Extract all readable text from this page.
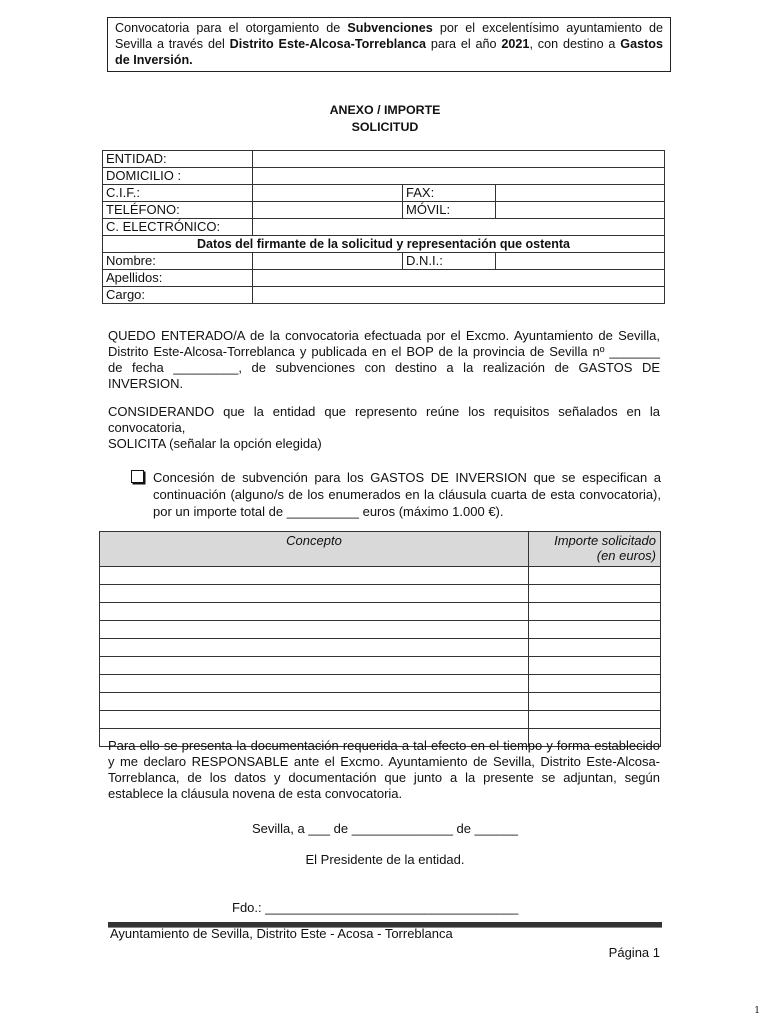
Convocatoria para el otorgamiento de Subvenciones por el excelentísimo ayuntamiento de Sevilla a través del Distrito Este-Alcosa-Torreblanca para el año 2021, con destino a Gastos de Inversión.
ANEXO / IMPORTE
SOLICITUD
ENTIDAD:			
DOMICILIO :			
C.I.F.:		FAX:	
TELÉFONO:		MÓVIL:	
C. ELECTRÓNICO:			
Datos del firmante de la solicitud y representación que ostenta			
Nombre:		D.N.I.:	
Apellidos:			
Cargo:			
QUEDO ENTERADO/A de la convocatoria efectuada por el Excmo. Ayuntamiento de Sevilla, Distrito Este-Alcosa-Torreblanca y publicada en el BOP de la provincia de Sevilla nº _______ de fecha _________, de subvenciones con destino a la realización de GASTOS DE INVERSION.
CONSIDERANDO que la entidad que represento reúne los requisitos señalados en la convocatoria,
SOLICITA (señalar la opción elegida)
Concesión de subvención para los GASTOS DE INVERSION que se especifican a continuación (alguno/s de los enumerados en la cláusula cuarta de esta convocatoria), por un importe total de __________ euros (máximo 1.000 €).
Concepto	Importe solicitado
(en euros)

Para ello se presenta la documentación requerida a tal efecto en el tiempo y forma establecido y me declaro RESPONSABLE ante el Excmo. Ayuntamiento de Sevilla, Distrito Este-Alcosa-Torreblanca, de los datos y documentación que junto a la presente se adjuntan, según establece la cláusula novena de esta convocatoria.
Sevilla, a ___ de ______________ de ______
El Presidente de la entidad.
Fdo.: ___________________________________
Ayuntamiento de Sevilla, Distrito Este - Acosa - Torreblanca
Página 1
1
